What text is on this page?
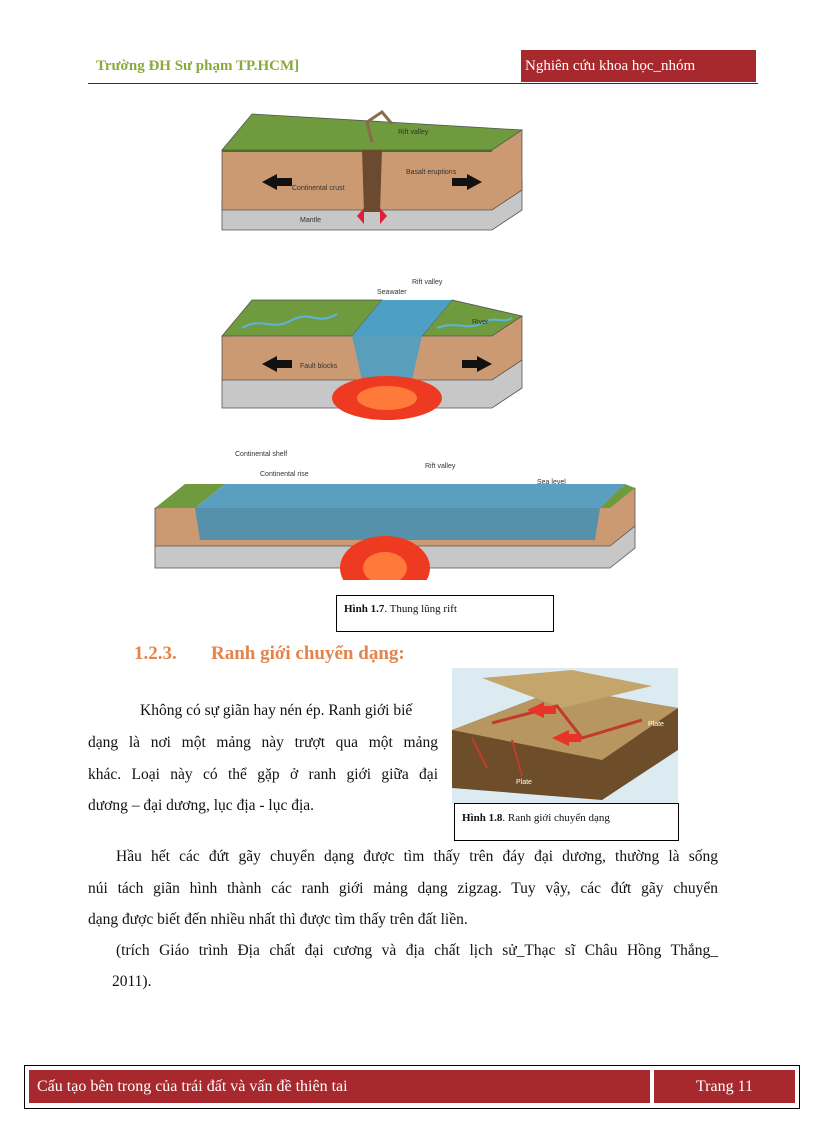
Trường ĐH Sư phạm TP.HCM]	Nghiên cứu khoa học_nhóm
Rift valley
Basalt eruptions
Continental crust
Mantle
Rift valley
Seawater
River
Fault blocks
Continental shelf
Continental rise
Rift valley
Sea level
Hình 1.7. Thung lũng rift
1.2.3. Ranh giới chuyển dạng:
Không có sự giãn hay nén ép. Ranh giới biế
dạng là nơi một mảng này trượt qua một mảng
khác. Loại này có thể gặp ở ranh giới giữa đại
dương – đại dương, lục địa - lục địa.
Plate
Plate
Hình 1.8. Ranh giới chuyển dạng
Hầu hết các đứt gãy chuyển dạng được tìm thấy trên đáy đại dương, thường là sống
núi tách giãn hình thành các ranh giới mảng dạng zigzag. Tuy vậy, các đứt gãy chuyển
dạng được biết đến nhiều nhất thì được tìm thấy trên đất liền.
(trích Giáo trình Địa chất đại cương và địa chất lịch sử_Thạc sĩ Châu Hồng Thắng_
2011).
Cấu tạo bên trong của trái đất và vấn đề thiên tai	Trang 11
